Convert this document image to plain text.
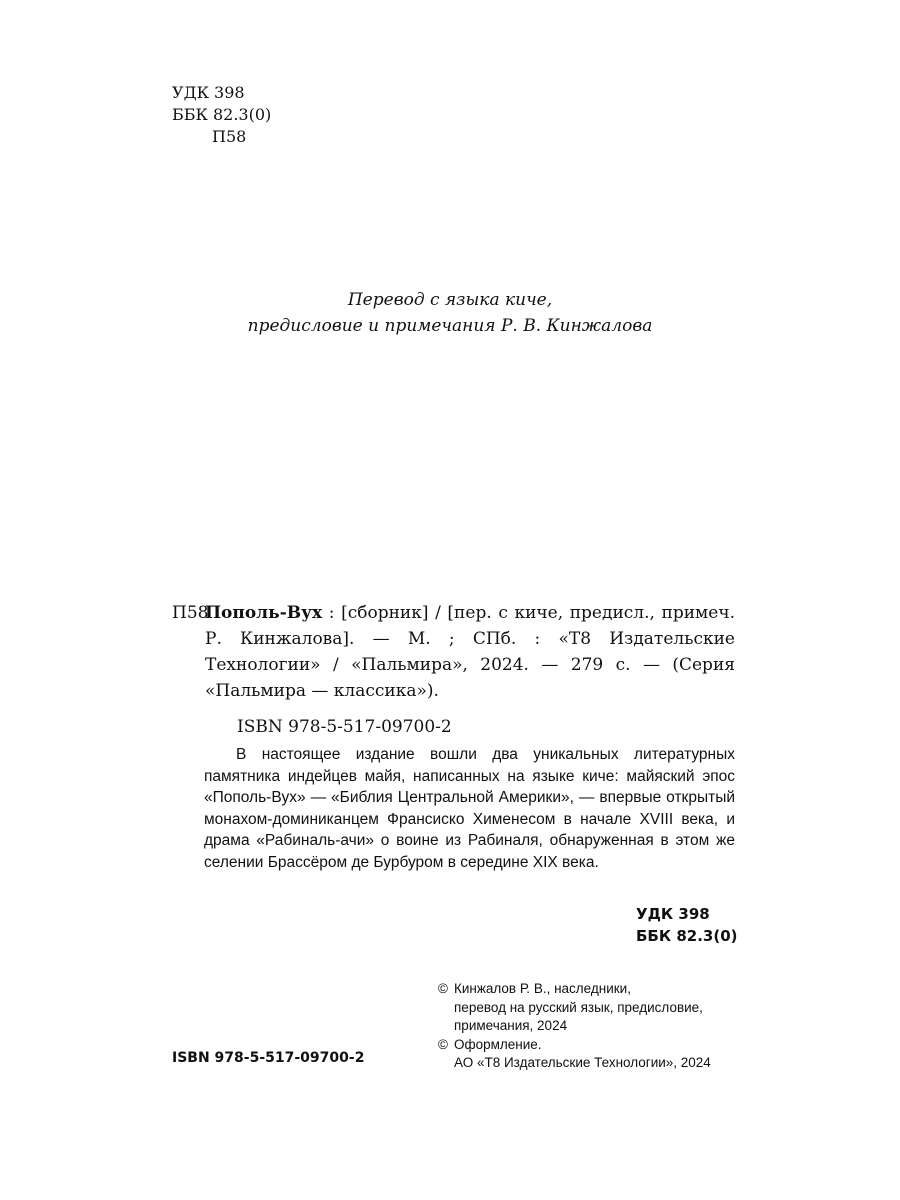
УДК 398
ББК 82.3(0)
П58
Перевод с языка киче,
предисловие и примечания Р. В. Кинжалова
П58
Пополь-Вух : [сборник] / [пер. с киче, предисл., примеч. Р. Кинжалова]. — М. ; СПб. : «Т8 Издательские Технологии» / «Пальмира», 2024. — 279 с. — (Серия «Пальмира — классика»).
ISBN 978-5-517-09700-2
В настоящее издание вошли два уникальных литературных памятника индейцев майя, написанных на языке киче: майяский эпос «Пополь-Вух» — «Библия Центральной Америки», — впервые открытый монахом-доминиканцем Франсиско Хименесом в начале XVIII века, и драма «Рабиналь-ачи» о воине из Рабиналя, обнаруженная в этом же селении Брассёром де Бурбуром в середине XIX века.
УДК 398
ББК 82.3(0)
ISBN 978-5-517-09700-2
© Кинжалов Р. В., наследники,
перевод на русский язык, предисловие,
примечания, 2024
© Оформление.
АО «Т8 Издательские Технологии», 2024
